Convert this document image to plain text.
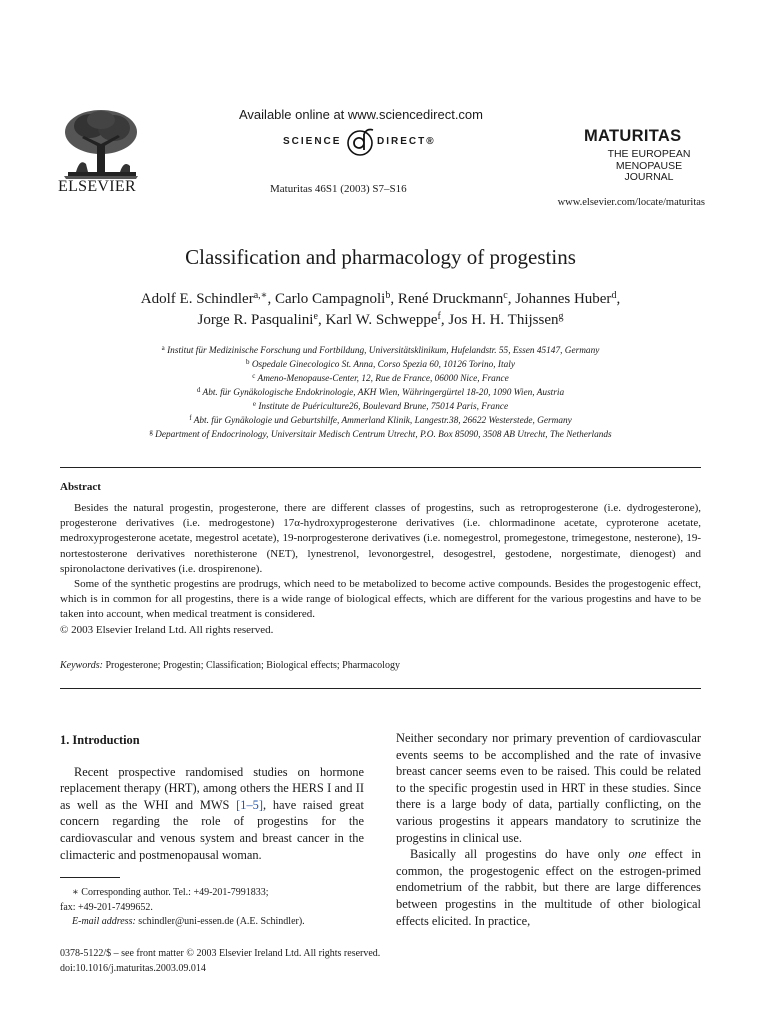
ELSEVIER
Available online at www.sciencedirect.com
SCIENCE	DIRECT®
Maturitas 46S1 (2003) S7–S16
MATURITAS
THE EUROPEAN
MENOPAUSE
JOURNAL
www.elsevier.com/locate/maturitas
Classification and pharmacology of progestins
Adolf E. Schindler$^{a,∗}$, Carlo Campagnoli$^b$, René Druckmann$^c$, Johannes Huber$^d$,
Jorge R. Pasqualini$^e$, Karl W. Schweppe$^f$, Jos H. H. Thijssen$^g$
$^a$ Institut für Medizinische Forschung und Fortbildung, Universitätsklinikum, Hufelandstr. 55, Essen 45147, Germany
$^b$ Ospedale Ginecologico St. Anna, Corso Spezia 60, 10126 Torino, Italy
$^c$ Ameno-Menopause-Center, 12, Rue de France, 06000 Nice, France
$^d$ Abt. für Gynäkologische Endokrinologie, AKH Wien, Währingergürtel 18-20, 1090 Wien, Austria
$^e$ Institute de Puériculture26, Boulevard Brune, 75014 Paris, France
$^f$ Abt. für Gynäkologie und Geburtshilfe, Ammerland Klinik, Langestr.38, 26622 Westerstede, Germany
$^g$ Department of Endocrinology, Universitair Medisch Centrum Utrecht, P.O. Box 85090, 3508 AB Utrecht, The Netherlands
Abstract

Besides the natural progestin, progesterone, there are different classes of progestins, such as retroprogesterone (i.e. dydrogesterone), progesterone derivatives (i.e. medrogestone) 17α-hydroxyprogesterone derivatives (i.e. chlormadinone acetate, cyproterone acetate, medroxyprogesterone acetate, megestrol acetate), 19-norprogesterone derivatives (i.e. nomegestrol, promegestone, trimegestone, nesterone), 19-nortestosterone derivatives norethisterone (NET), lynestrenol, levonorgestrel, desogestrel, gestodene, norgestimate, dienogest) and spironolactone derivatives (i.e. drospirenone).

Some of the synthetic progestins are prodrugs, which need to be metabolized to become active compounds. Besides the progestogenic effect, which is in common for all progestins, there is a wide range of biological effects, which are different for the various progestins and have to be taken into account, when medical treatment is considered.

© 2003 Elsevier Ireland Ltd. All rights reserved.

Keywords: Progesterone; Progestin; Classification; Biological effects; Pharmacology
1. Introduction

Recent prospective randomised studies on hormone replacement therapy (HRT), among others the HERS I and II as well as the WHI and MWS [1–5], have raised great concern regarding the role of progestins for the cardiovascular and venous system and breast cancer in the climacteric and postmenopausal woman.

∗ Corresponding author. Tel.: +49-201-7991833;
fax: +49-201-7499652.
E-mail address: schindler@uni-essen.de (A.E. Schindler).

Neither secondary nor primary prevention of cardiovascular events seems to be accomplished and the rate of invasive breast cancer seems even to be raised. This could be related to the specific progestin used in HRT in these studies. Since there is a large body of data, partially conflicting, on the various progestins it appears mandatory to scrutinize the progestins in clinical use.

Basically all progestins do have only one effect in common, the progestogenic effect on the estrogen-primed endometrium of the rabbit, but there are large differences between progestins in the multitude of other biological effects elicited. In practice,

0378-5122/$ – see front matter © 2003 Elsevier Ireland Ltd. All rights reserved.
doi:10.1016/j.maturitas.2003.09.014
